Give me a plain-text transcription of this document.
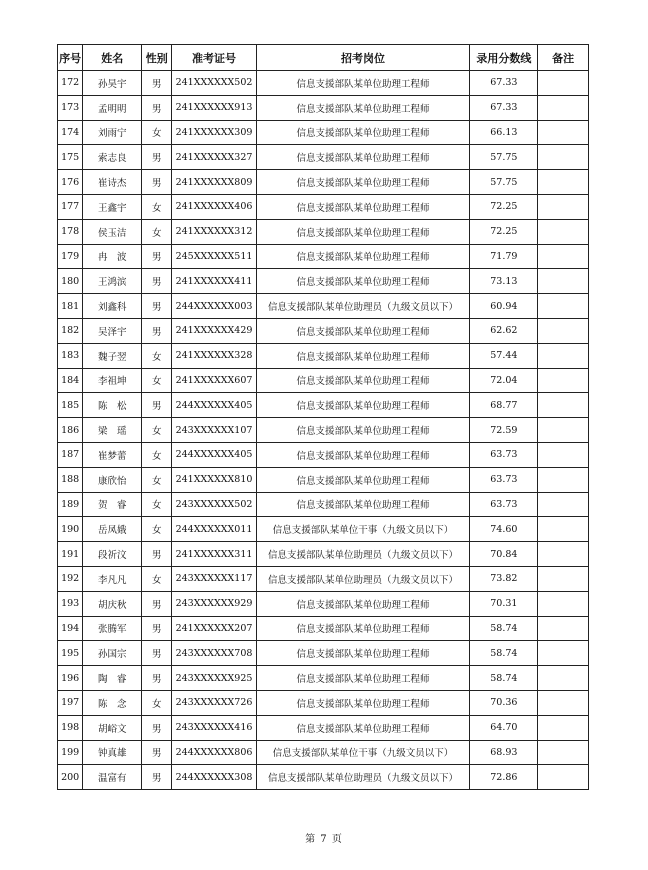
序号	姓名	性别	准考证号	招考岗位	录用分数线	备注
172	孙昊宇	男	241XXXXXX502	信息支援部队某单位助理工程师	67.33	
173	孟明明	男	241XXXXXX913	信息支援部队某单位助理工程师	67.33	
174	刘雨宁	女	241XXXXXX309	信息支援部队某单位助理工程师	66.13	
175	索志良	男	241XXXXXX327	信息支援部队某单位助理工程师	57.75	
176	崔诗杰	男	241XXXXXX809	信息支援部队某单位助理工程师	57.75	
177	王鑫宇	女	241XXXXXX406	信息支援部队某单位助理工程师	72.25	
178	侯玉洁	女	241XXXXXX312	信息支援部队某单位助理工程师	72.25	
179	冉　波	男	245XXXXXX511	信息支援部队某单位助理工程师	71.79	
180	王鸿滨	男	241XXXXXX411	信息支援部队某单位助理工程师	73.13	
181	刘鑫科	男	244XXXXXX003	信息支援部队某单位助理员（九级文员以下）	60.94	
182	吴泽宇	男	241XXXXXX429	信息支援部队某单位助理工程师	62.62	
183	魏子翌	女	241XXXXXX328	信息支援部队某单位助理工程师	57.44	
184	李祖坤	女	241XXXXXX607	信息支援部队某单位助理工程师	72.04	
185	陈　松	男	244XXXXXX405	信息支援部队某单位助理工程师	68.77	
186	梁　瑶	女	243XXXXXX107	信息支援部队某单位助理工程师	72.59	
187	崔梦蕾	女	244XXXXXX405	信息支援部队某单位助理工程师	63.73	
188	康欣怡	女	241XXXXXX810	信息支援部队某单位助理工程师	63.73	
189	贺　睿	女	243XXXXXX502	信息支援部队某单位助理工程师	63.73	
190	岳凤娥	女	244XXXXXX011	信息支援部队某单位干事（九级文员以下）	74.60	
191	段祈汶	男	241XXXXXX311	信息支援部队某单位助理员（九级文员以下）	70.84	
192	李凡凡	女	243XXXXXX117	信息支援部队某单位助理员（九级文员以下）	73.82	
193	胡庆秋	男	243XXXXXX929	信息支援部队某单位助理工程师	70.31	
194	张腾军	男	241XXXXXX207	信息支援部队某单位助理工程师	58.74	
195	孙国宗	男	243XXXXXX708	信息支援部队某单位助理工程师	58.74	
196	陶　睿	男	243XXXXXX925	信息支援部队某单位助理工程师	58.74	
197	陈　念	女	243XXXXXX726	信息支援部队某单位助理工程师	70.36	
198	胡峪文	男	243XXXXXX416	信息支援部队某单位助理工程师	64.70	
199	钟真雄	男	244XXXXXX806	信息支援部队某单位干事（九级文员以下）	68.93	
200	温富有	男	244XXXXXX308	信息支援部队某单位助理员（九级文员以下）	72.86	
第 7 页
